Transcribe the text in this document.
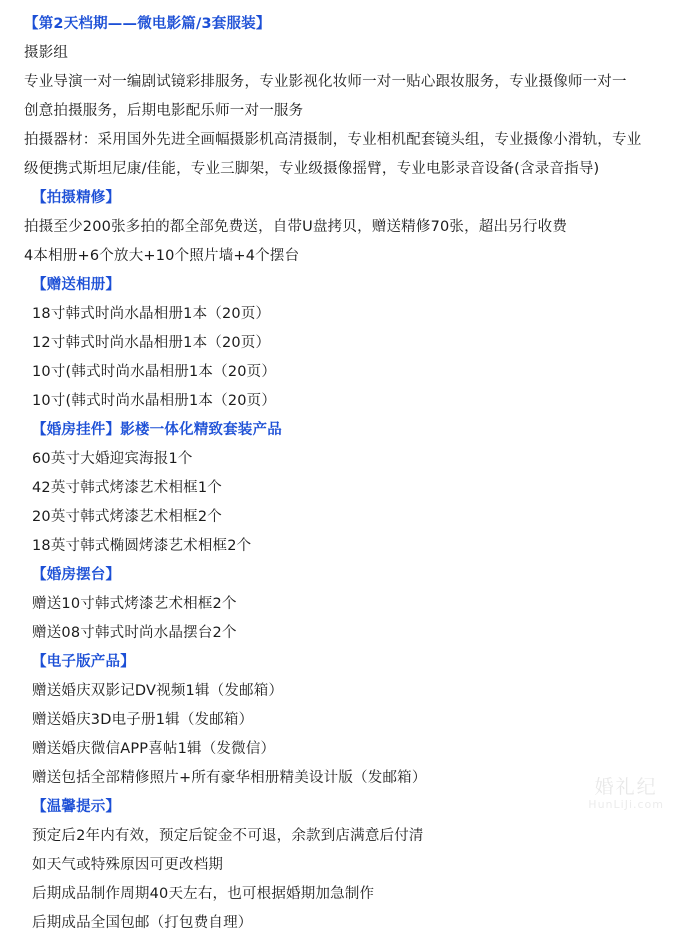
【第2天档期——微电影篇/3套服装】
摄影组
专业导演一对一编剧试镜彩排服务，专业影视化妆师一对一贴心跟妆服务，专业摄像师一对一
创意拍摄服务，后期电影配乐师一对一服务
拍摄器材：采用国外先进全画幅摄影机高清摄制，专业相机配套镜头组，专业摄像小滑轨，专业
级便携式斯坦尼康/佳能，专业三脚架，专业级摄像摇臂，专业电影录音设备(含录音指导)
【拍摄精修】
拍摄至少200张多拍的都全部免费送，自带U盘拷贝，赠送精修70张，超出另行收费
4本相册+6个放大+10个照片墙+4个摆台
【赠送相册】
18寸韩式时尚水晶相册1本（20页）
12寸韩式时尚水晶相册1本（20页）
10寸(韩式时尚水晶相册1本（20页）
10寸(韩式时尚水晶相册1本（20页）
【婚房挂件】影楼一体化精致套装产品
60英寸大婚迎宾海报1个
42英寸韩式烤漆艺术相框1个
20英寸韩式烤漆艺术相框2个
18英寸韩式椭圆烤漆艺术相框2个
【婚房摆台】
赠送10寸韩式烤漆艺术相框2个
赠送08寸韩式时尚水晶摆台2个
【电子版产品】
赠送婚庆双影记DV视频1辑（发邮箱）
赠送婚庆3D电子册1辑（发邮箱）
赠送婚庆微信APP喜帖1辑（发微信）
赠送包括全部精修照片+所有豪华相册精美设计版（发邮箱）
【温馨提示】
预定后2年内有效，预定后锭金不可退，余款到店满意后付清
如天气或特殊原因可更改档期
后期成品制作周期40天左右，也可根据婚期加急制作
后期成品全国包邮（打包费自理）
婚礼纪
HunLiJi.com
